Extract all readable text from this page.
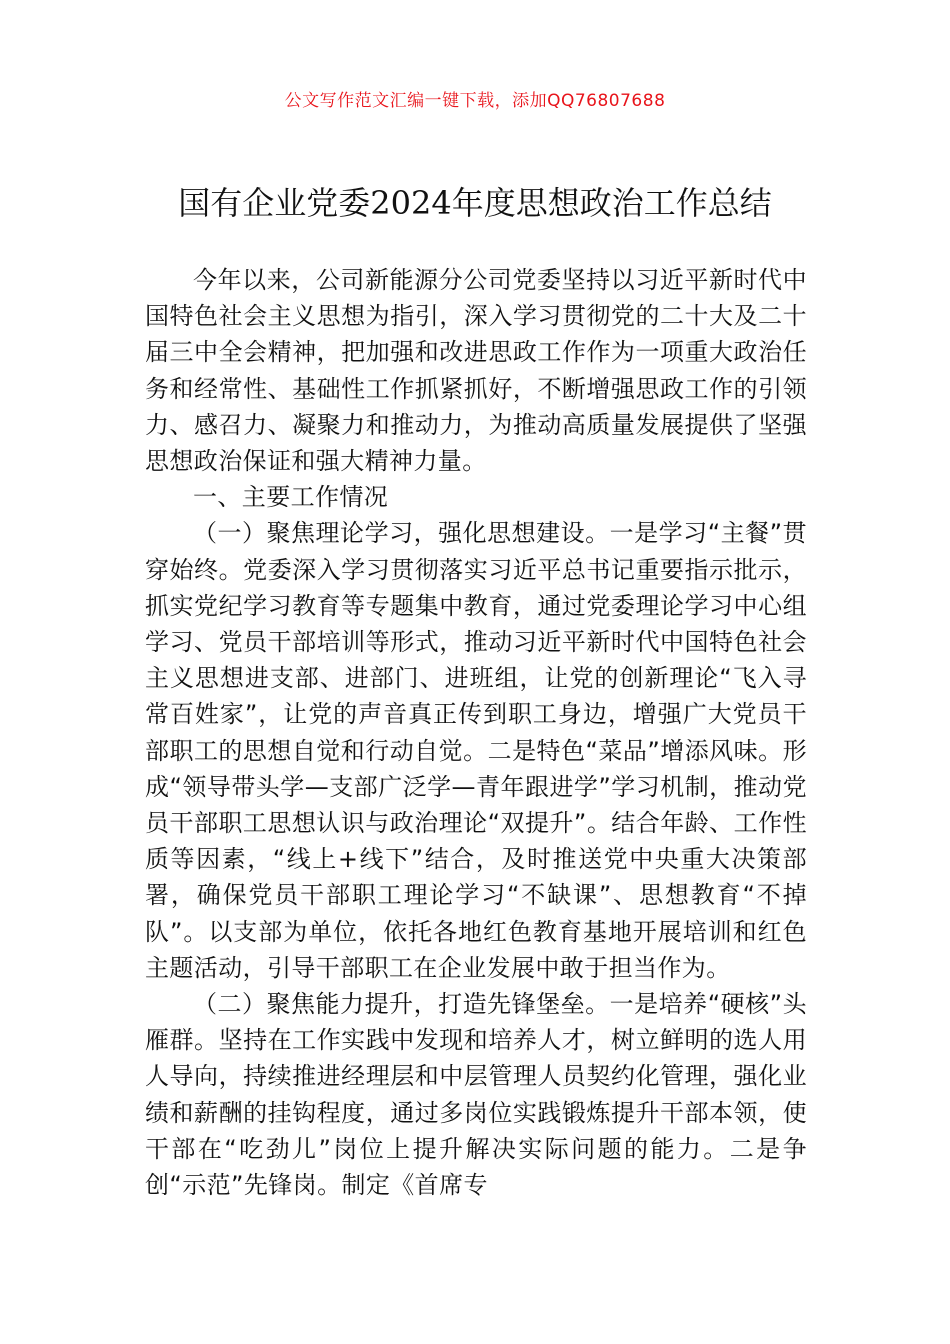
公文写作范文汇编一键下载，添加QQ76807688
国有企业党委2024年度思想政治工作总结

今年以来，公司新能源分公司党委坚持以习近平新时代中国特色社会主义思想为指引，深入学习贯彻党的二十大及二十届三中全会精神，把加强和改进思政工作作为一项重大政治任务和经常性、基础性工作抓紧抓好，不断增强思政工作的引领力、感召力、凝聚力和推动力，为推动高质量发展提供了坚强思想政治保证和强大精神力量。

一、主要工作情况

（一）聚焦理论学习，强化思想建设。一是学习“主餐”贯穿始终。党委深入学习贯彻落实习近平总书记重要指示批示，抓实党纪学习教育等专题集中教育，通过党委理论学习中心组学习、党员干部培训等形式，推动习近平新时代中国特色社会主义思想进支部、进部门、进班组，让党的创新理论“飞入寻常百姓家”，让党的声音真正传到职工身边，增强广大党员干部职工的思想自觉和行动自觉。二是特色“菜品”增添风味。形成“领导带头学—支部广泛学—青年跟进学”学习机制，推动党员干部职工思想认识与政治理论“双提升”。结合年龄、工作性质等因素，“线上+线下”结合，及时推送党中央重大决策部署，确保党员干部职工理论学习“不缺课”、思想教育“不掉队”。以支部为单位，依托各地红色教育基地开展培训和红色主题活动，引导干部职工在企业发展中敢于担当作为。

（二）聚焦能力提升，打造先锋堡垒。一是培养“硬核”头雁群。坚持在工作实践中发现和培养人才，树立鲜明的选人用人导向，持续推进经理层和中层管理人员契约化管理，强化业绩和薪酬的挂钩程度，通过多岗位实践锻炼提升干部本领，使干部在“吃劲儿”岗位上提升解决实际问题的能力。二是争创“示范”先锋岗。制定《首席专
